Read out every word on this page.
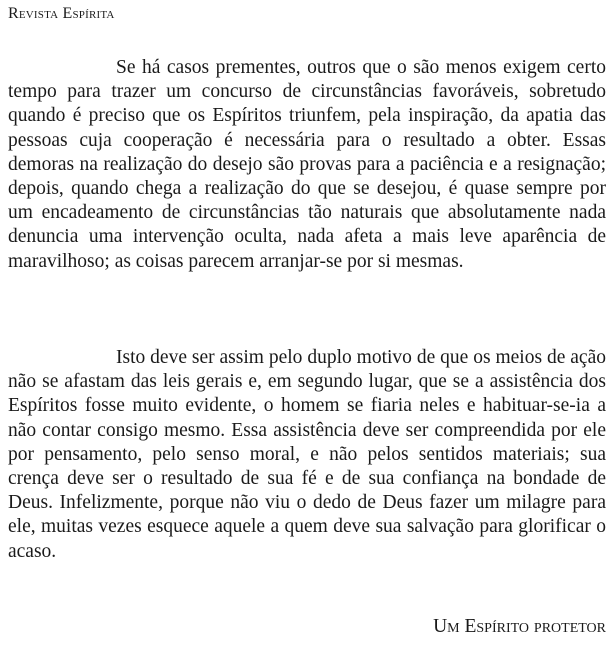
Revista Espírita

Se há casos prementes, outros que o são menos exigem certo tempo para trazer um concurso de circunstâncias favoráveis, sobretudo quando é preciso que os Espíritos triunfem, pela inspiração, da apatia das pessoas cuja cooperação é necessária para o resultado a obter. Essas demoras na realização do desejo são provas para a paciência e a resignação; depois, quando chega a realização do que se desejou, é quase sempre por um encadeamento de circunstâncias tão naturais que absolutamente nada denuncia uma intervenção oculta, nada afeta a mais leve aparência de maravilhoso; as coisas parecem arranjar-se por si mesmas.

Isto deve ser assim pelo duplo motivo de que os meios de ação não se afastam das leis gerais e, em segundo lugar, que se a assistência dos Espíritos fosse muito evidente, o homem se fiaria neles e habituar-se-ia a não contar consigo mesmo. Essa assistência deve ser compreendida por ele por pensamento, pelo senso moral, e não pelos sentidos materiais; sua crença deve ser o resultado de sua fé e de sua confiança na bondade de Deus. Infelizmente, porque não viu o dedo de Deus fazer um milagre para ele, muitas vezes esquece aquele a quem deve sua salvação para glorificar o acaso.

Um Espírito protetor
